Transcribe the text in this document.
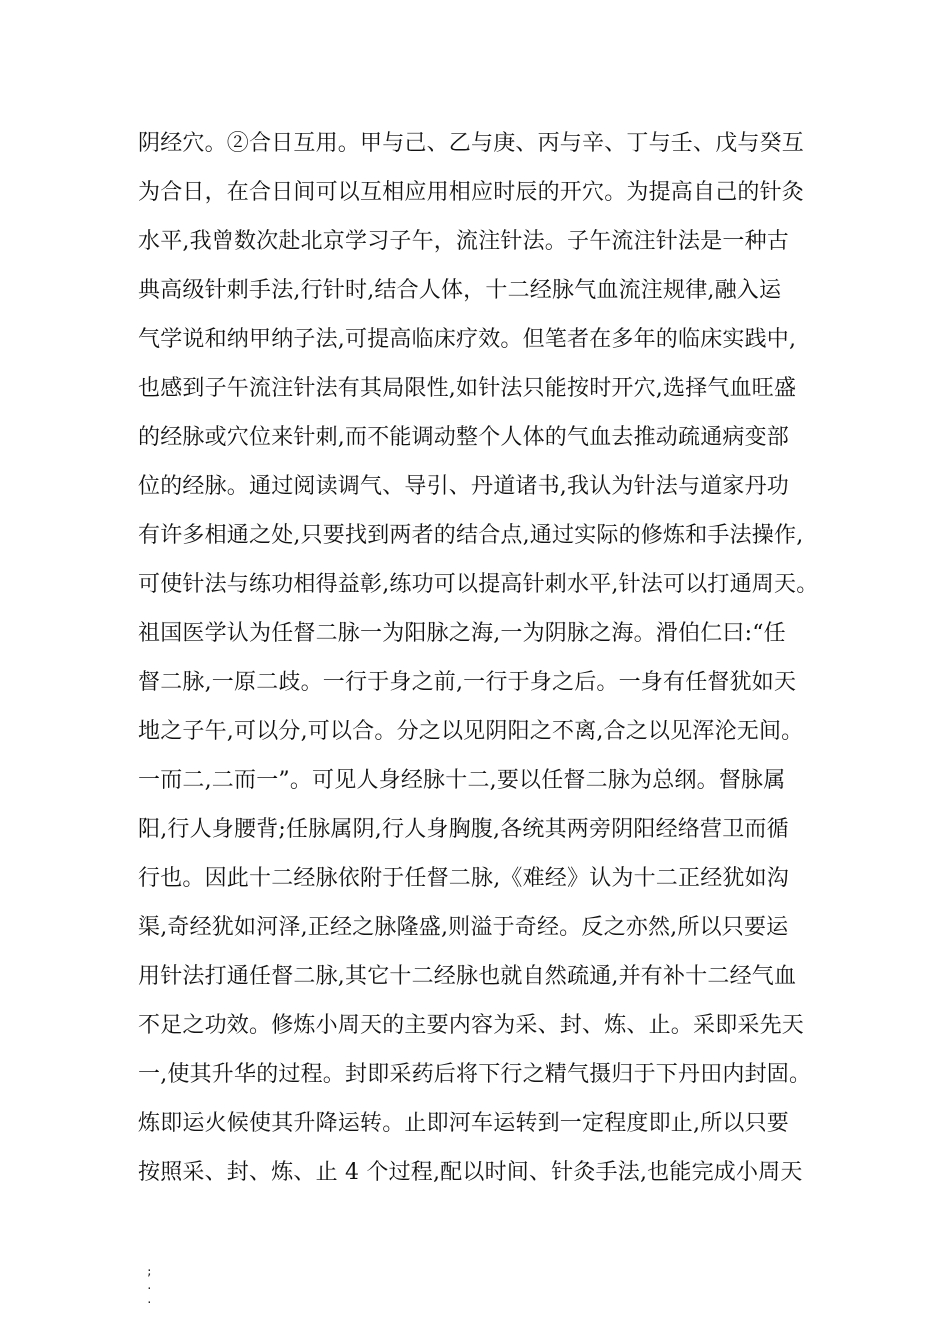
阴经穴。②合日互用。甲与己、乙与庚、丙与辛、丁与壬、戊与癸互
为合日，在合日间可以互相应用相应时辰的开穴。为提高自己的针灸
水平,我曾数次赴北京学习子午，流注针法。子午流注针法是一种古
典高级针刺手法,行针时,结合人体，十二经脉气血流注规律,融入运
气学说和纳甲纳子法,可提高临床疗效。但笔者在多年的临床实践中,
也感到子午流注针法有其局限性,如针法只能按时开穴,选择气血旺盛
的经脉或穴位来针刺,而不能调动整个人体的气血去推动疏通病变部
位的经脉。通过阅读调气、导引、丹道诸书,我认为针法与道家丹功
有许多相通之处,只要找到两者的结合点,通过实际的修炼和手法操作,
可使针法与练功相得益彰,练功可以提高针刺水平,针法可以打通周天。
祖国医学认为任督二脉一为阳脉之海,一为阴脉之海。滑伯仁曰:“任
督二脉,一原二歧。一行于身之前,一行于身之后。一身有任督犹如天
地之子午,可以分,可以合。分之以见阴阳之不离,合之以见浑沦无间。
一而二,二而一”。可见人身经脉十二,要以任督二脉为总纲。督脉属
阳,行人身腰背;任脉属阴,行人身胸腹,各统其两旁阴阳经络营卫而循
行也。因此十二经脉依附于任督二脉,《难经》认为十二正经犹如沟
渠,奇经犹如河泽,正经之脉隆盛,则溢于奇经。反之亦然,所以只要运
用针法打通任督二脉,其它十二经脉也就自然疏通,并有补十二经气血
不足之功效。修炼小周天的主要内容为采、封、炼、止。采即采先天
一,使其升华的过程。封即采药后将下行之精气摄归于下丹田内封固。
炼即运火候使其升降运转。止即河车运转到一定程度即止,所以只要
按照采、封、炼、止 4 个过程,配以时间、针灸手法,也能完成小周天
;
.
.
